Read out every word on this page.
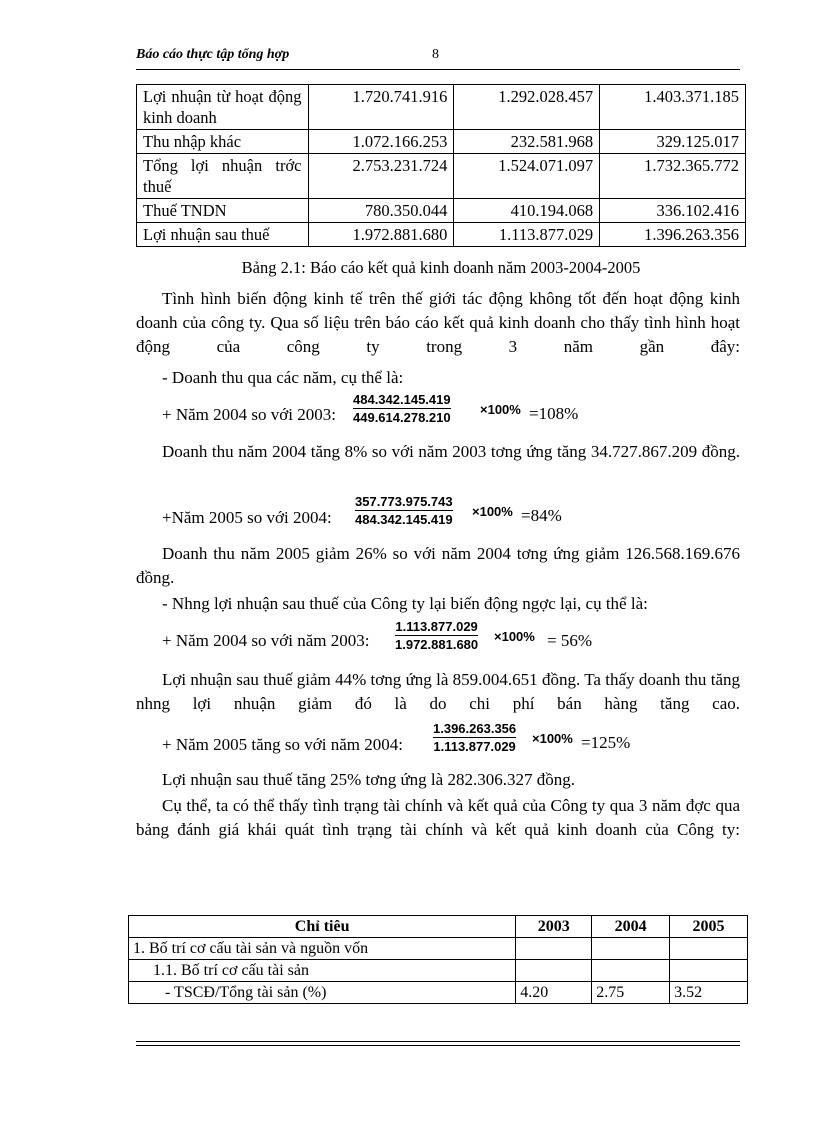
Báo cáo thực tập tổng hợp	8
Lợi nhuận từ hoạt động kinh doanh	1.720.741.916	1.292.028.457	1.403.371.185
Thu nhập khác	1.072.166.253	232.581.968	329.125.017
Tổng lợi nhuận trớc thuế	2.753.231.724	1.524.071.097	1.732.365.772
Thuế TNDN	780.350.044	410.194.068	336.102.416
Lợi nhuận sau thuế	1.972.881.680	1.113.877.029	1.396.263.356
Bảng 2.1: Báo cáo kết quả kinh doanh năm 2003-2004-2005
Tình hình biến động kinh tế trên thế giới tác động không tốt đến hoạt động kinh doanh của công ty. Qua số liệu trên báo cáo kết quả kinh doanh cho thấy tình hình hoạt động của công ty trong 3 năm gần đây:
- Doanh thu qua các năm, cụ thể là:
+ Năm 2004 so với 2003:
484.342.145.419
449.614.278.210
×100% =108%
Doanh thu năm 2004 tăng 8% so với năm 2003 tơng ứng tăng 34.727.867.209 đồng.
+Năm 2005 so với 2004:
357.773.975.743
484.342.145.419
×100% =84%
Doanh thu năm 2005 giảm 26% so với năm 2004 tơng ứng giảm 126.568.169.676 đồng.
- Nhng lợi nhuận sau thuế của Công ty lại biến động ngợc lại, cụ thể là:
+ Năm 2004 so với năm 2003:
1.113.877.029
1.972.881.680
×100% = 56%
Lợi nhuận sau thuế giảm 44% tơng ứng là 859.004.651 đồng. Ta thấy doanh thu tăng nhng lợi nhuận giảm đó là do chi phí bán hàng tăng cao.
+ Năm 2005 tăng so với năm 2004:
1.396.263.356
1.113.877.029
×100% =125%
Lợi nhuận sau thuế tăng 25% tơng ứng là 282.306.327 đồng.
Cụ thể, ta có thể thấy tình trạng tài chính và kết quả của Công ty qua 3 năm đợc qua bảng đánh giá khái quát tình trạng tài chính và kết quả kinh doanh của Công ty:
Chỉ tiêu	2003	2004	2005
1. Bố trí cơ cấu tài sản và nguồn vốn			
1.1. Bố trí cơ cấu tài sản			
- TSCĐ/Tổng tài sản (%)	4.20	2.75	3.52
